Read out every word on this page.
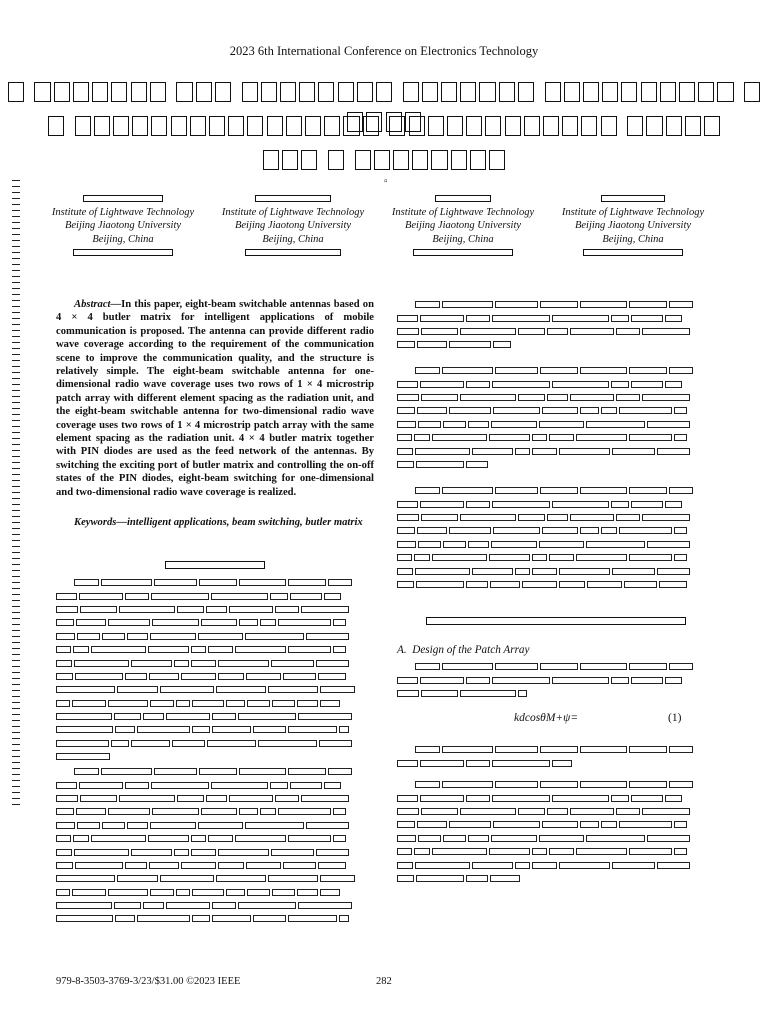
2023 6th International Conference on Electronics Technology

▫
Institute of Lightwave Technology
Beijing Jiaotong University
Beijing, China
Institute of Lightwave Technology
Beijing Jiaotong University
Beijing, China
Institute of Lightwave Technology
Beijing Jiaotong University
Beijing, China
Institute of Lightwave Technology
Beijing Jiaotong University
Beijing, China
Abstract—In this paper, eight-beam switchable antennas based on 4 × 4 butler matrix for intelligent applications of mobile communication is proposed. The antenna can provide different radio wave coverage according to the requirement of the communication scene to improve the communication quality, and the structure is relatively simple. The eight-beam switchable antenna for one-dimensional radio wave coverage uses two rows of 1 × 4 microstrip patch array with different element spacing as the radiation unit, and the eight-beam switchable antenna for two-dimensional radio wave coverage uses two rows of 1 × 4 microstrip patch array with the same element spacing as the radiation unit. 4 × 4 butler matrix together with PIN diodes are used as the feed network of the antennas. By switching the exciting port of butler matrix and controlling the on-off states of the PIN diodes, eight-beam switching for one-dimensional and two-dimensional radio wave coverage is realized.
Keywords—intelligent applications, beam switching, butler matrix
A. Design of the Patch Array
kdcosθM+ψ=	(1)
979-8-3503-3769-3/23/$31.00 ©2023 IEEE	282
